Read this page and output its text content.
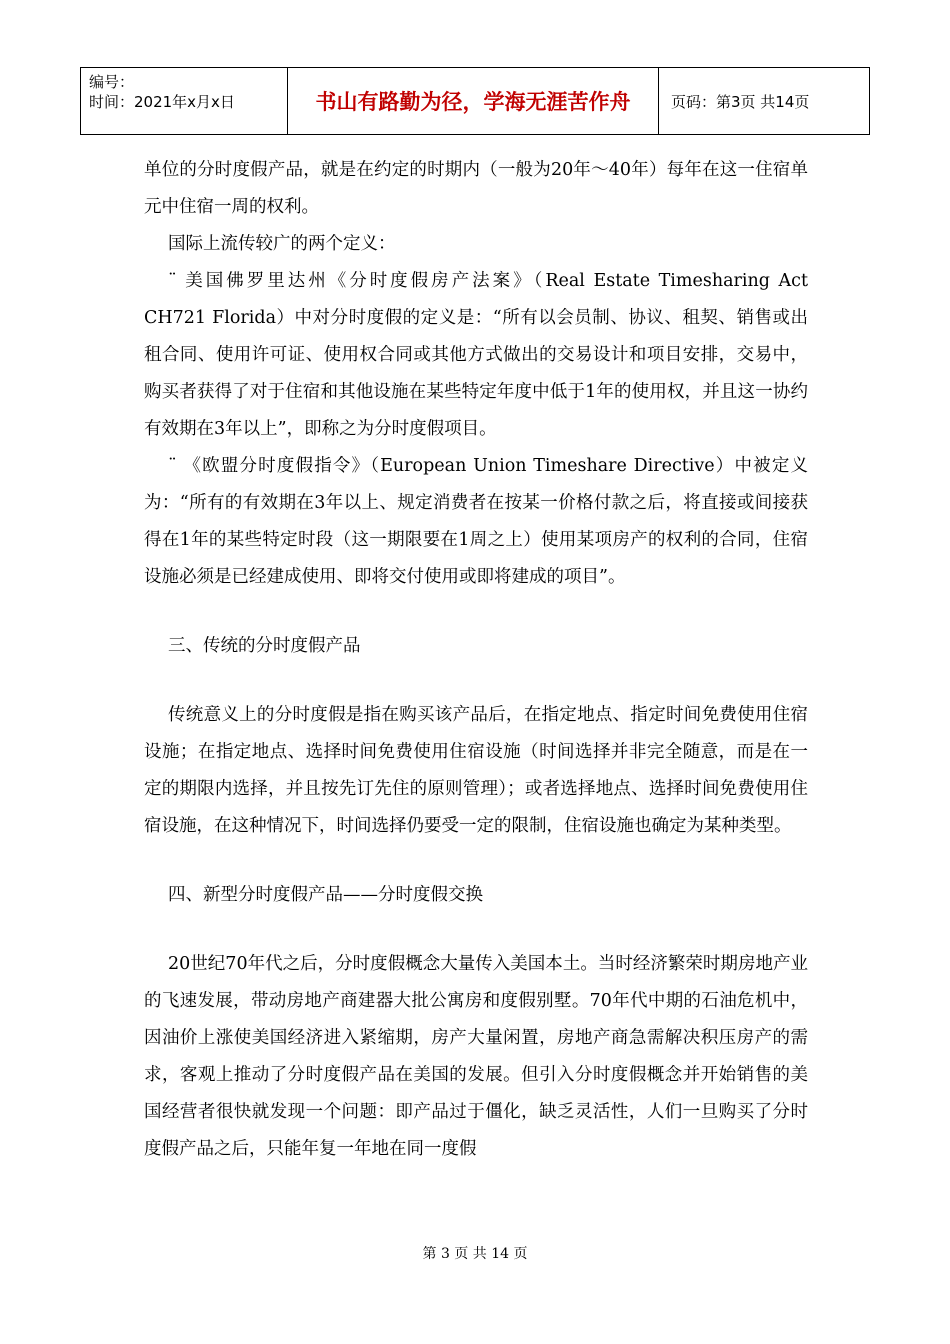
编号：
时间：2021年x月x日	书山有路勤为径，学海无涯苦作舟	页码：第3页 共14页

单位的分时度假产品，就是在约定的时期内（一般为20年～40年）每年在这一住宿单元中住宿一周的权利。

国际上流传较广的两个定义：

¨ 美国佛罗里达州《分时度假房产法案》（Real Estate Timesharing Act CH721 Florida）中对分时度假的定义是：“所有以会员制、协议、租契、销售或出租合同、使用许可证、使用权合同或其他方式做出的交易设计和项目安排，交易中，购买者获得了对于住宿和其他设施在某些特定年度中低于1年的使用权，并且这一协约有效期在3年以上”，即称之为分时度假项目。

¨ 《欧盟分时度假指令》（European Union Timeshare Directive）中被定义为：“所有的有效期在3年以上、规定消费者在按某一价格付款之后，将直接或间接获得在1年的某些特定时段（这一期限要在1周之上）使用某项房产的权利的合同，住宿设施必须是已经建成使用、即将交付使用或即将建成的项目”。

三、传统的分时度假产品

传统意义上的分时度假是指在购买该产品后，在指定地点、指定时间免费使用住宿设施；在指定地点、选择时间免费使用住宿设施（时间选择并非完全随意，而是在一定的期限内选择，并且按先订先住的原则管理）；或者选择地点、选择时间免费使用住宿设施，在这种情况下，时间选择仍要受一定的限制，住宿设施也确定为某种类型。

四、新型分时度假产品——分时度假交换

20世纪70年代之后，分时度假概念大量传入美国本土。当时经济繁荣时期房地产业的飞速发展，带动房地产商建器大批公寓房和度假别墅。70年代中期的石油危机中，因油价上涨使美国经济进入紧缩期，房产大量闲置，房地产商急需解决积压房产的需求，客观上推动了分时度假产品在美国的发展。但引入分时度假概念并开始销售的美国经营者很快就发现一个问题：即产品过于僵化，缺乏灵活性，人们一旦购买了分时度假产品之后，只能年复一年地在同一度假

第 3 页 共 14 页
